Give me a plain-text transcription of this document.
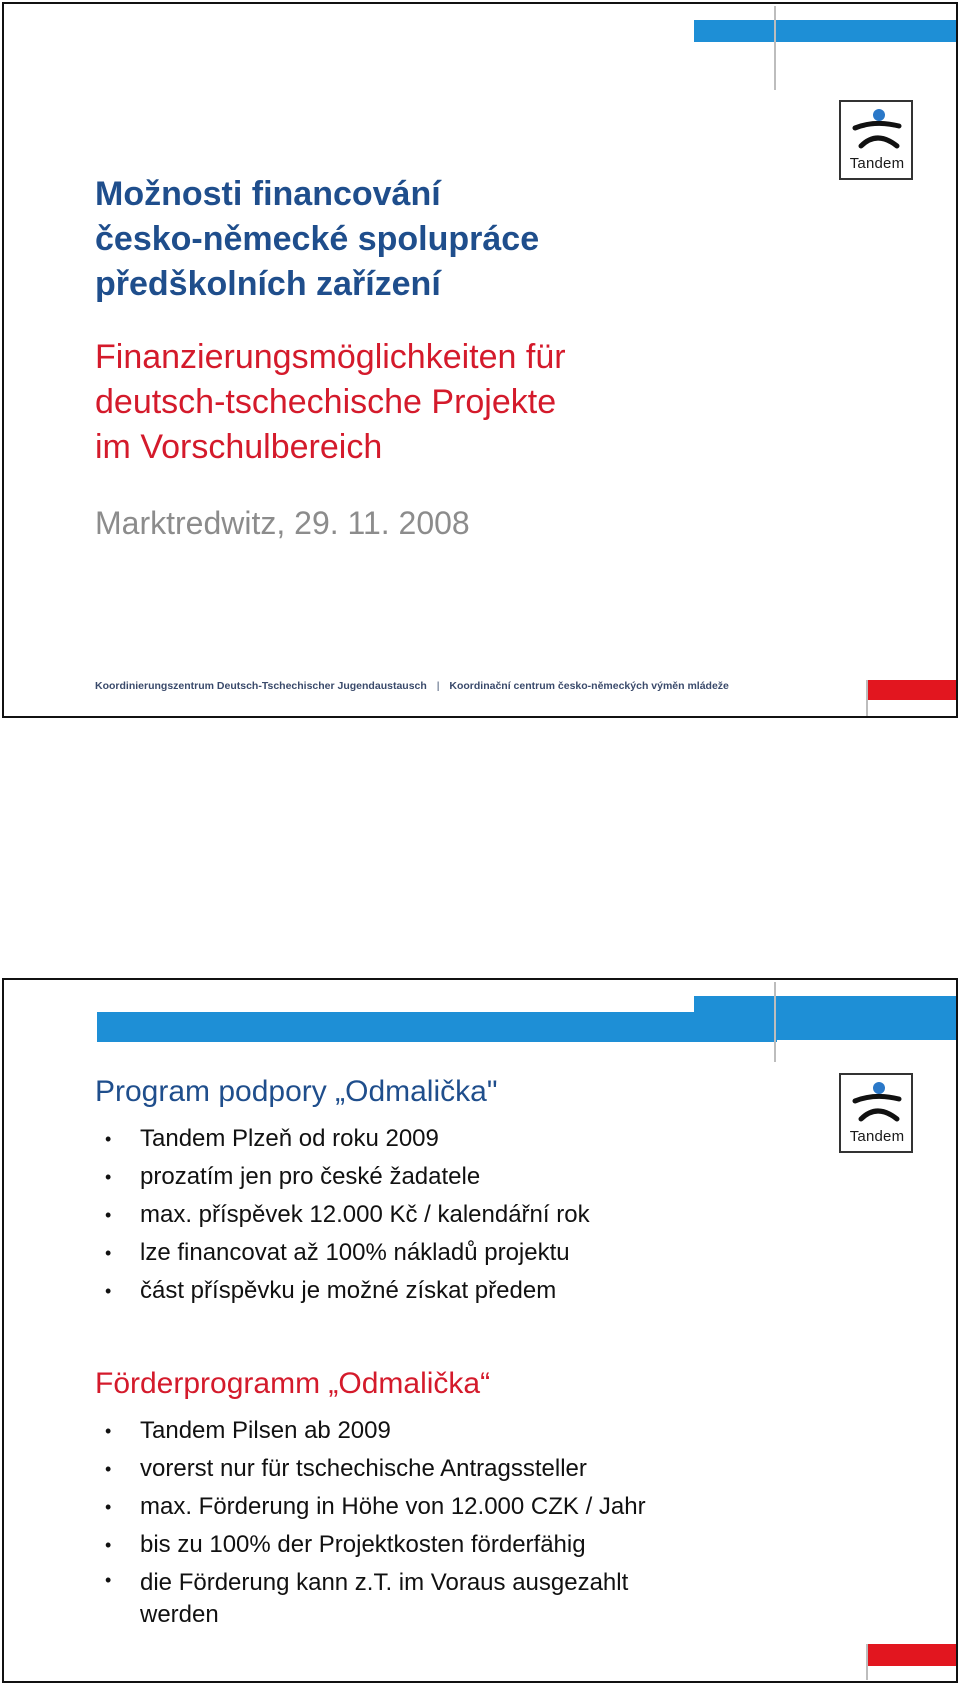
Tandem
Možnosti financování
česko-německé spolupráce
předškolních zařízení
Finanzierungsmöglichkeiten für
deutsch-tschechische Projekte
im Vorschulbereich

Marktredwitz, 29. 11. 2008

Koordinierungszentrum Deutsch-Tschechischer Jugendaustausch | Koordinační centrum česko-německých výměn mládeže
Tandem
Program podpory „Odmalička"
• Tandem Plzeň od roku 2009
• prozatím jen pro české žadatele
• max. příspěvek 12.000 Kč / kalendářní rok
• lze financovat až 100% nákladů projektu
• část příspěvku je možné získat předem
Förderprogramm „Odmalička“
• Tandem Pilsen ab 2009
• vorerst nur für tschechische Antragssteller
• max. Förderung in Höhe von 12.000 CZK / Jahr
• bis zu 100% der Projektkosten förderfähig
• die Förderung kann z.T. im Voraus ausgezahlt werden
